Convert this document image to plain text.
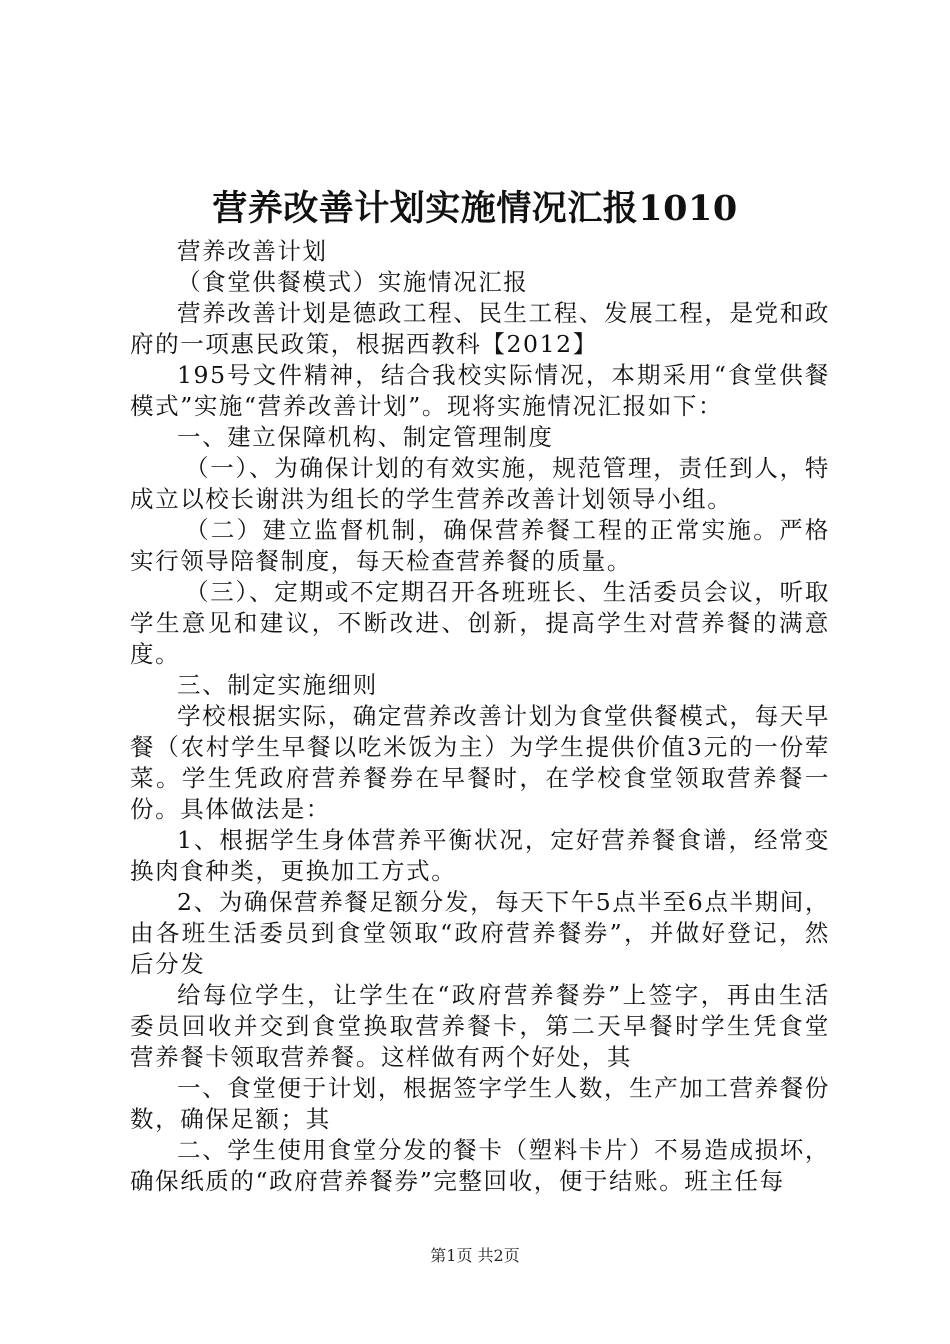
营养改善计划实施情况汇报1010

营养改善计划

（食堂供餐模式）实施情况汇报

营养改善计划是德政工程、民生工程、发展工程，是党和政府的一项惠民政策，根据西教科【2012】

195号文件精神，结合我校实际情况，本期采用“食堂供餐模式”实施“营养改善计划”。现将实施情况汇报如下：

一、建立保障机构、制定管理制度

（一）、为确保计划的有效实施，规范管理，责任到人，特成立以校长谢洪为组长的学生营养改善计划领导小组。

（二）建立监督机制，确保营养餐工程的正常实施。严格实行领导陪餐制度，每天检查营养餐的质量。

（三）、定期或不定期召开各班班长、生活委员会议，听取学生意见和建议，不断改进、创新，提高学生对营养餐的满意度。

三、制定实施细则

学校根据实际，确定营养改善计划为食堂供餐模式，每天早餐（农村学生早餐以吃米饭为主）为学生提供价值3元的一份荤菜。学生凭政府营养餐券在早餐时，在学校食堂领取营养餐一份。具体做法是：

1、根据学生身体营养平衡状况，定好营养餐食谱，经常变换肉食种类，更换加工方式。

2、为确保营养餐足额分发，每天下午5点半至6点半期间，由各班生活委员到食堂领取“政府营养餐券”，并做好登记，然后分发

给每位学生，让学生在“政府营养餐券”上签字，再由生活委员回收并交到食堂换取营养餐卡，第二天早餐时学生凭食堂营养餐卡领取营养餐。这样做有两个好处，其

一、食堂便于计划，根据签字学生人数，生产加工营养餐份数，确保足额；其

二、学生使用食堂分发的餐卡（塑料卡片）不易造成损坏，确保纸质的“政府营养餐券”完整回收，便于结账。班主任每

第1页 共2页
